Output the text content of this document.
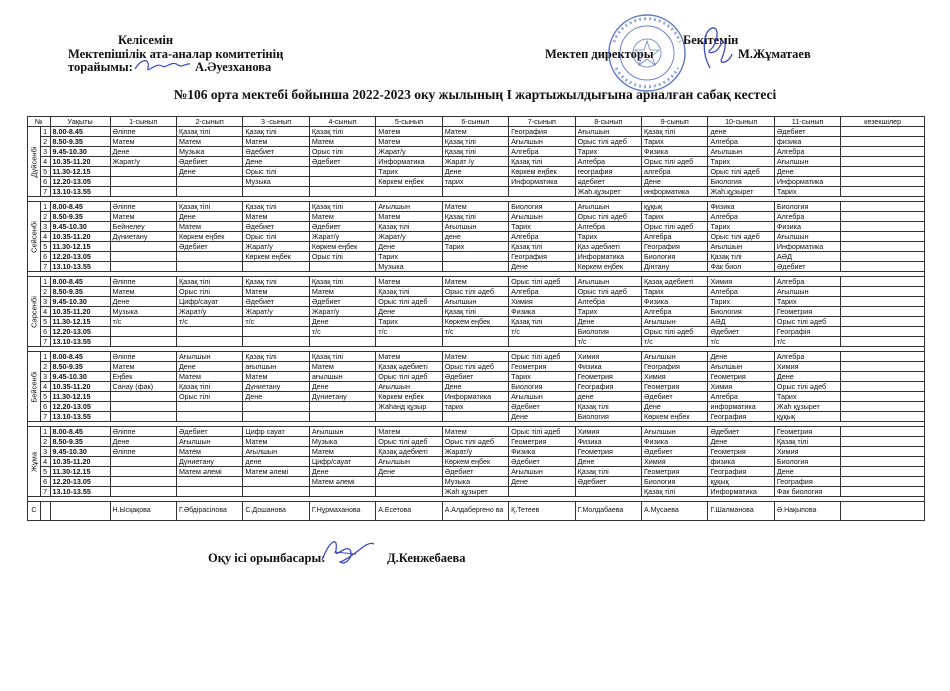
Келісемін
Мектепішілік ата-аналар комитетінің
торайымы:	А.Әуезханова
Бекітемін
Мектеп директоры	М.Жұматаев
№106 орта мектебі бойынша 2022-2023 оку жылының I жартыжылдығына арналған сабақ кестесі
№		Уақыты	1-сынып	2-сынып	3 -сынып	4-сынып	5-сынып	6-сынып	7-сынып	8-сынып	9-сынып	10-сынып	11-сынып	кезекшілер

Дүйсенбі	1	8.00-8.45	Әліппе	Қазақ тілі	Қазақ тілі	Қазақ тілі	Матем	Матем	География	Ағылшын	Қазақ тілі	дене	Әдебиет	
	2	8.50-9.35	Матем	Матем	Матем	Матем	Матем	Қазақ тілі	Ағылшын	Орыс тілі әдеб	Тарих	Алгебра	физика	
	3	9.45-10.30	Дене	Музыка	Әдебиет	Орыс тілі	Жарат/у	Қазақ тілі	Алгебра	Тарих	Физика	Ағылшын	Алгебра	
	4	10.35-11.20	Жарат/у	Әдебиет	Дене	Әдебиет	Информатика	Жарат /у	Қазақ тілі	Алгебра	Орыс тілі әдеб	Тарих	Ағылшын	
	5	11.30-12.15		Дене	Орыс тілі		Тарих	Дене	Көркем еңбек	география	алгебра	Орыс тілі әдеб	Дене	
	6	12.20-13.05			Музыка		Көркем еңбек	тарих	Информатика	әдебиет	Дене	Биология	Информатика	
	7	13.10-13.55								Жаһ.құзырет	информатика	Жаһ.құзырет	Тарих	

Сейсенбі	1	8.00-8.45	Әліппе	Қазақ тілі	Қазақ тілі	Қазақ тілі	Ағылшын	Матем	Биология	Ағылшын	құқық	Физика	Биология	
	2	8.50-9.35	Матем	Дене	Матем	Матем	Матем	Қазақ тілі	Ағылшын	Орыс тілі әдеб	Тарих	Алгебра	Алгебра	
	3	9.45-10.30	Бейнелеу	Матем	Әдебиет	Әдебиет	Қазақ тілі	Ағылшын	Тарих	Алгебра	Орыс тілі әдеб	Тарих	Физика	
	4	10.35-11.20	Дүниетану	Көркем еңбек	Орыс тілі	Жарат/у	Жарат/у	дене	Алгебра	Тарих	Алгебра	Орыс тілі әдеб	Ағылшын	
	5	11.30-12.15		Әдебиет	Жарат/у	Көркем еңбек	Дене	Тарих	Қазақ тілі	Қаз әдебиеті	География	Ағылшын	Информатика	
	6	12.20-13.05			Көркем еңбек	Орыс тілі	Тарих		География	Информатика	Биология	Қазақ тілі	АӘД	
	7	13.10-13.55					Музыка		Дене	Көркем еңбек	Дінтану	Фак биол	Әдебиет	

Сәрсенбі	1	8.00-8.45	Әліппе	Қазақ тілі	Қазақ тілі	Қазақ тілі	Матем	Матем	Орыс тілі әдеб	Ағылшын	Қазақ әдебиеті	Химия	Алгебра	
	2	8.50-9.35	Матем	Орыс тілі	Матем	Матем	Қазақ тілі	Орыс тілі әдеб	Алгебра	Орыс тілі әдеб	Тарих	Алгебра	Ағылшын	
	3	9.45-10.30	Дене	Цифр/сауат	Әдебиет	Әдебиет	Орыс тілі әдеб	Ағылшын	Химия	Алгебра	Физика	Тарих	Тарих	
	4	10.35-11.20	Музыка	Жарат/у	Жарат/у	Жарат/у	Дене	Қазақ тілі	Физика	Тарих	Алгебра	Биология	Геометрия	
	5	11.30-12.15	т/с	т/с	т/с	Дене	Тарих	Көркем еңбек	Қазақ тілі	Дене	Ағылшын	АӘД	Орыс тілі әдеб	
	6	12.20-13.05				т/с	т/с	т/с	т/с	Биология	Орыс тілі әдеб	Әдебиет	Географія	
	7	13.10-13.55								т/с	т/с	т/с	т/с	

Бейсенбі	1	8.00-8.45	Әліппе	Ағылшын	Қазақ тілі	Қазақ тілі	Матем	Матем	Орыс тілі әдеб	Химия	Ағылшын	Дене	Алгебра	
	2	8.50-9.35	Матем	Дене	ағылшын	Матем	Қазақ әдебиеті	Орыс тілі әдеб	Геометрия	Физика	География	Ағылшын	Химия	
	3	9.45-10.30	Еңбек	Матем	Матем	ағылшын	Орыс тілі әдеб	Әдебиет	Тарих	Геометрия	Химия	Геометрия	Дене	
	4	10.35-11.20	Санау (фак)	Қазақ тілі	Дүниетану	Дене	Ағылшын	Дене	Биология	География	Геометрия	Химия	Орыс тілі әдеб	
	5	11.30-12.15		Орыс тілі	Дене	Дүниетану	Көркем еңбек	Информатика	Ағылшын	дене	Әдебиет	Алгебра	Тарих	
	6	12.20-13.05					Жаһанд құзыр	тарих	Әдебиет	Қазақ тілі	Дене	информатика	Жаһ құзырет	
	7	13.10-13.55							Дене	Биология	Көркем еңбек	География	құқық	

Жұма	1	8.00-8.45	Әліппе	Әдебиет	Цифр сауат	Ағылшын	Матем	Матем	Орыс тілі әдеб	Химия	Ағылшын	Әдебиет	Геометрия	
	2	8.50-9.35	Дене	Ағылшын	Матем	Музыка	Орыс тілі әдеб	Орыс тілі әдеб	Геометрия	Физика	Физика	Дене	Қазақ тілі	
	3	9.45-10.30	Әліппе	Матем	Ағылшын	Матем	Қазақ әдебиеті	Жарат/у	Физика	Геометрия	Әдебиет	Геометрия	Химия	
	4	10.35-11.20		Дүниетану	дене	Цифр/сауат	Ағылшын	Көркем еңбек	Әдебиет	Дене	Химия	физика	Биология	
	5	11.30-12.15		Матем әлемі	Матем әлемі	Дене	Дене	Әдебиет	Ағылшын	Қазақ тілі	Геометрия	География	Дене	
	6	12.20-13.05				Матем әлемі		Музыка	Дене	Әдебиет	Биология	құқық	География	
	7	13.10-13.55						Жаһ құзырет			Қазақ тілі	Информатика	Фак биология	

С			Н.Ысқақова	Г.Әбдірасілова	С.Дошанова	Г.Нұрмаханова	А.Есетова	А.Алдабергено ва	Қ.Тетеев	Г.Молдабаева	А.Мусаева	Г.Шалманова	Ә.Нақыпова	
Оқу ісі орынбасары:	Д.Кенжебаева
